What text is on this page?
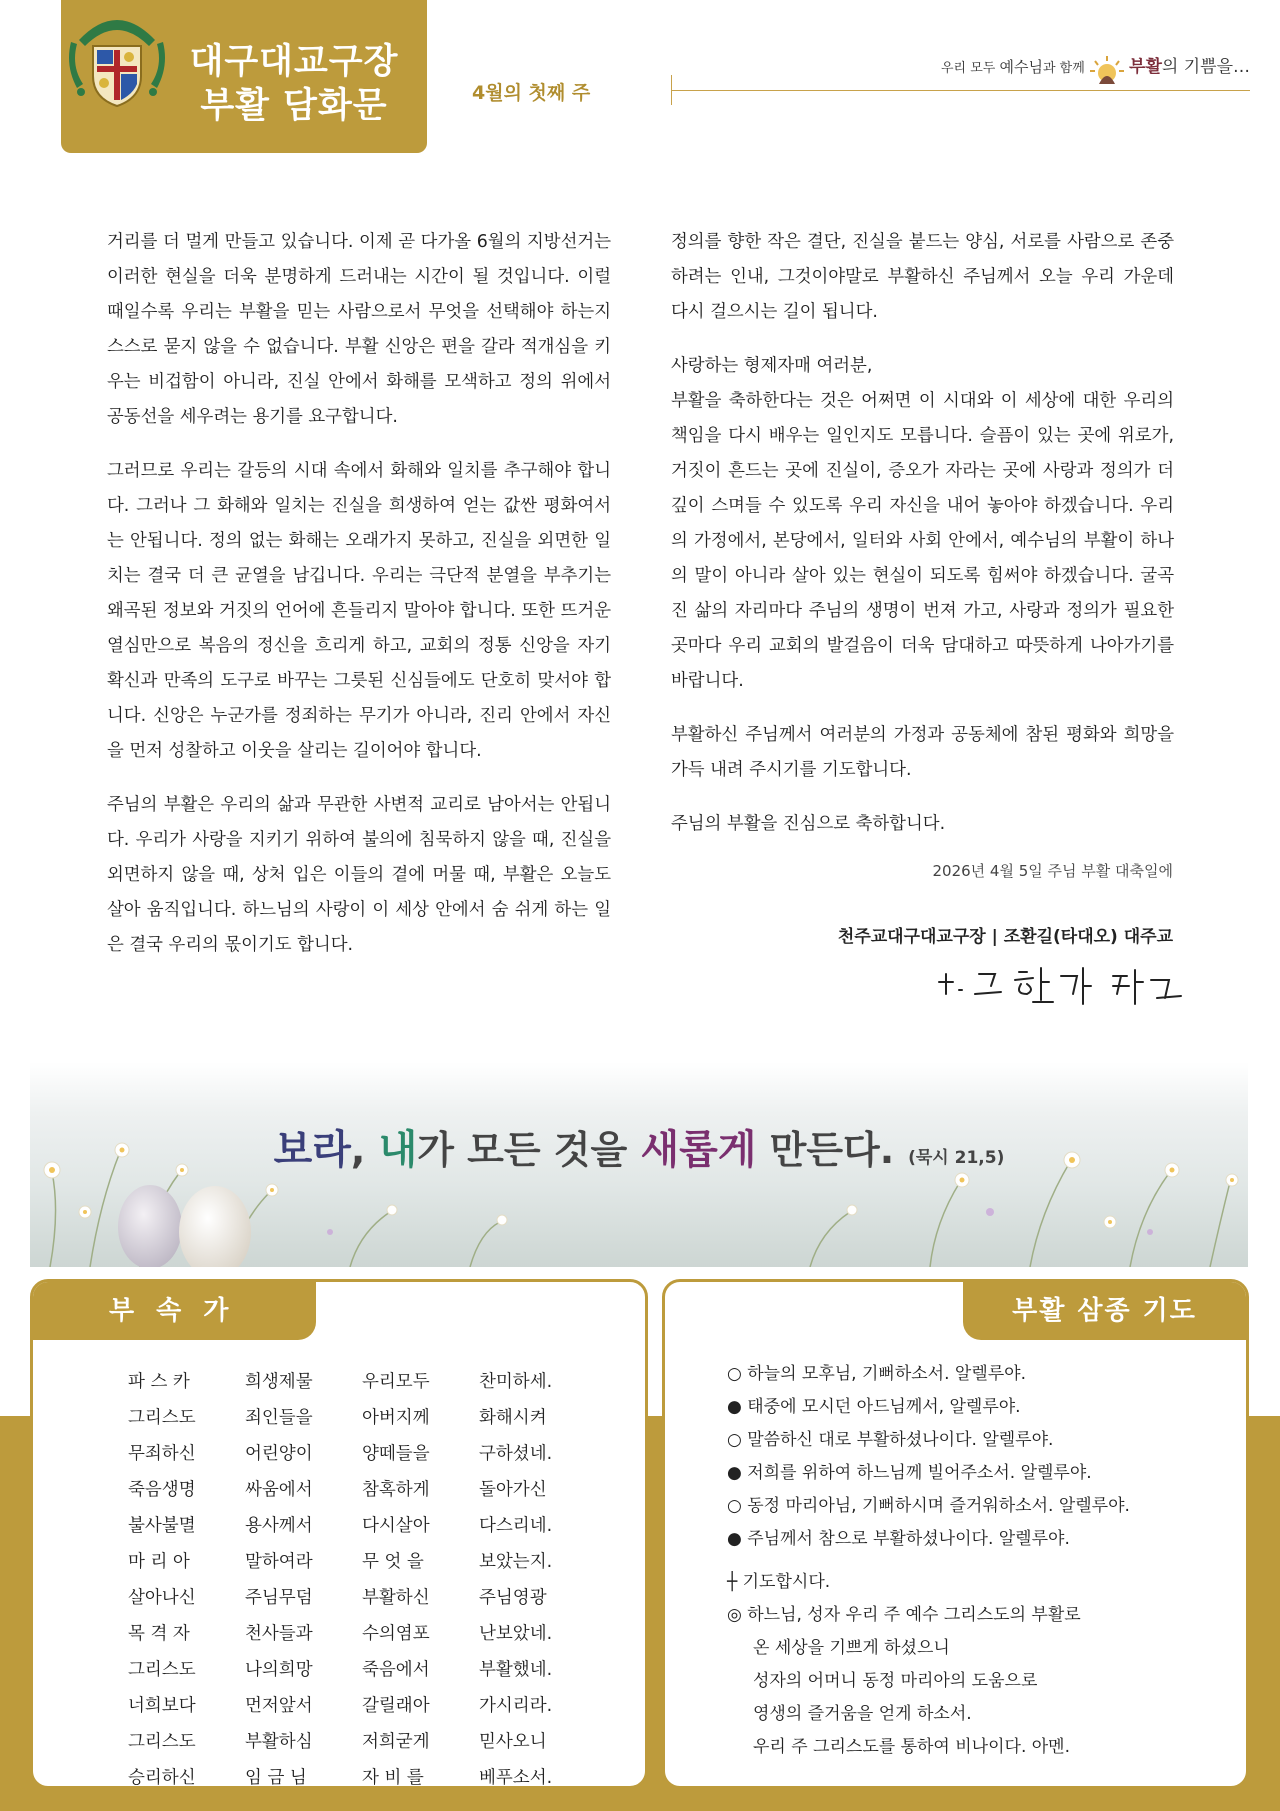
대구대교구장
부활 담화문	4월의 첫째 주
우리 모두 예수님과 함께	부활의 기쁨을…

거리를 더 멀게 만들고 있습니다. 이제 곧 다가올 6월의 지방선거는 이러한 현실을 더욱 분명하게 드러내는 시간이 될 것입니다. 이럴 때일수록 우리는 부활을 믿는 사람으로서 무엇을 선택해야 하는지 스스로 묻지 않을 수 없습니다. 부활 신앙은 편을 갈라 적개심을 키우는 비겁함이 아니라, 진실 안에서 화해를 모색하고 정의 위에서 공동선을 세우려는 용기를 요구합니다.

그러므로 우리는 갈등의 시대 속에서 화해와 일치를 추구해야 합니다. 그러나 그 화해와 일치는 진실을 희생하여 얻는 값싼 평화여서는 안됩니다. 정의 없는 화해는 오래가지 못하고, 진실을 외면한 일치는 결국 더 큰 균열을 남깁니다. 우리는 극단적 분열을 부추기는 왜곡된 정보와 거짓의 언어에 흔들리지 말아야 합니다. 또한 뜨거운 열심만으로 복음의 정신을 흐리게 하고, 교회의 정통 신앙을 자기 확신과 만족의 도구로 바꾸는 그릇된 신심들에도 단호히 맞서야 합니다. 신앙은 누군가를 정죄하는 무기가 아니라, 진리 안에서 자신을 먼저 성찰하고 이웃을 살리는 길이어야 합니다.

주님의 부활은 우리의 삶과 무관한 사변적 교리로 남아서는 안됩니다. 우리가 사랑을 지키기 위하여 불의에 침묵하지 않을 때, 진실을 외면하지 않을 때, 상처 입은 이들의 곁에 머물 때, 부활은 오늘도 살아 움직입니다. 하느님의 사랑이 이 세상 안에서 숨 쉬게 하는 일은 결국 우리의 몫이기도 합니다.

정의를 향한 작은 결단, 진실을 붙드는 양심, 서로를 사람으로 존중하려는 인내, 그것이야말로 부활하신 주님께서 오늘 우리 가운데 다시 걸으시는 길이 됩니다.

사랑하는 형제자매 여러분,
부활을 축하한다는 것은 어쩌면 이 시대와 이 세상에 대한 우리의 책임을 다시 배우는 일인지도 모릅니다. 슬픔이 있는 곳에 위로가, 거짓이 흔드는 곳에 진실이, 증오가 자라는 곳에 사랑과 정의가 더 깊이 스며들 수 있도록 우리 자신을 내어 놓아야 하겠습니다. 우리의 가정에서, 본당에서, 일터와 사회 안에서, 예수님의 부활이 하나의 말이 아니라 살아 있는 현실이 되도록 힘써야 하겠습니다. 굴곡진 삶의 자리마다 주님의 생명이 번져 가고, 사랑과 정의가 필요한 곳마다 우리 교회의 발걸음이 더욱 담대하고 따뜻하게 나아가기를 바랍니다.

부활하신 주님께서 여러분의 가정과 공동체에 참된 평화와 희망을 가득 내려 주시기를 기도합니다.

주님의 부활을 진심으로 축하합니다.

2026년 4월 5일 주님 부활 대축일에
천주교대구대교구장 | 조환길(타대오) 대주교
보라, 내가 모든 것을 새롭게 만든다. (묵시 21,5)
부속가
파 스 카	희생제물	우리모두	찬미하세.
그리스도	죄인들을	아버지께	화해시켜
무죄하신	어린양이	양떼들을	구하셨네.
죽음생명	싸움에서	참혹하게	돌아가신
불사불멸	용사께서	다시살아	다스리네.
마 리 아	말하여라	무 엇 을	보았는지.
살아나신	주님무덤	부활하신	주님영광
목 격 자	천사들과	수의염포	난보았네.
그리스도	나의희망	죽음에서	부활했네.
너희보다	먼저앞서	갈릴래아	가시리라.
그리스도	부활하심	저희굳게	믿사오니
승리하신	임 금 님	자 비 를	베푸소서.
부활 삼종 기도
○ 하늘의 모후님, 기뻐하소서. 알렐루야.
● 태중에 모시던 아드님께서, 알렐루야.
○ 말씀하신 대로 부활하셨나이다. 알렐루야.
● 저희를 위하여 하느님께 빌어주소서. 알렐루야.
○ 동정 마리아님, 기뻐하시며 즐거워하소서. 알렐루야.
● 주님께서 참으로 부활하셨나이다. 알렐루야.
┼ 기도합시다.
◎ 하느님, 성자 우리 주 예수 그리스도의 부활로
온 세상을 기쁘게 하셨으니
성자의 어머니 동정 마리아의 도움으로
영생의 즐거움을 얻게 하소서.
우리 주 그리스도를 통하여 비나이다. 아멘.
